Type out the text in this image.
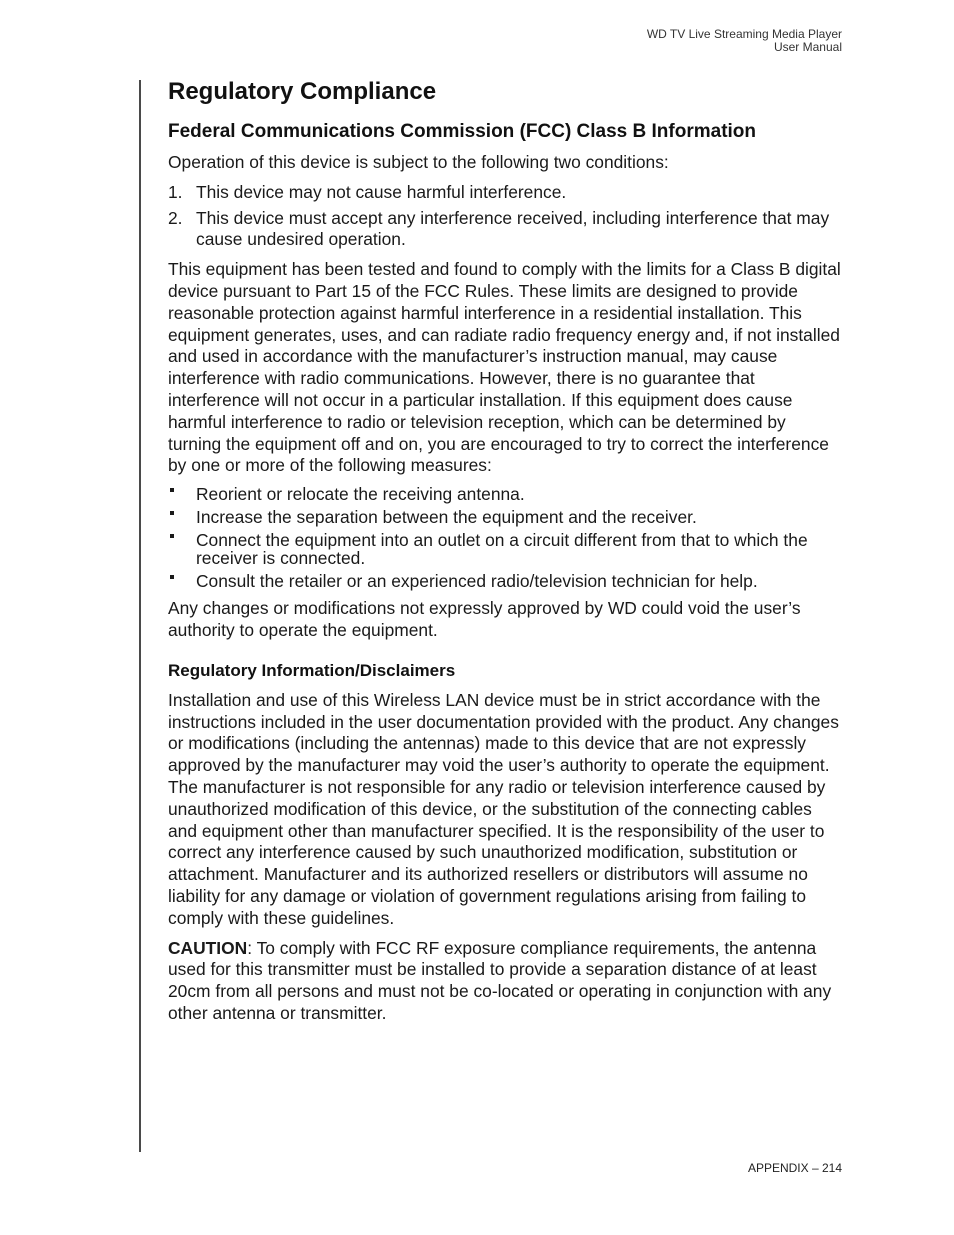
WD TV Live Streaming Media Player
User Manual
Regulatory Compliance
Federal Communications Commission (FCC) Class B Information

Operation of this device is subject to the following two conditions:

1. This device may not cause harmful interference.
2. This device must accept any interference received, including interference that may cause undesired operation.

This equipment has been tested and found to comply with the limits for a Class B digital device pursuant to Part 15 of the FCC Rules. These limits are designed to provide reasonable protection against harmful interference in a residential installation. This equipment generates, uses, and can radiate radio frequency energy and, if not installed and used in accordance with the manufacturer’s instruction manual, may cause interference with radio communications. However, there is no guarantee that interference will not occur in a particular installation. If this equipment does cause harmful interference to radio or television reception, which can be determined by turning the equipment off and on, you are encouraged to try to correct the interference by one or more of the following measures:

Reorient or relocate the receiving antenna.
Increase the separation between the equipment and the receiver.
Connect the equipment into an outlet on a circuit different from that to which the receiver is connected.
Consult the retailer or an experienced radio/television technician for help.

Any changes or modifications not expressly approved by WD could void the user’s authority to operate the equipment.

Regulatory Information/Disclaimers

Installation and use of this Wireless LAN device must be in strict accordance with the instructions included in the user documentation provided with the product. Any changes or modifications (including the antennas) made to this device that are not expressly approved by the manufacturer may void the user’s authority to operate the equipment. The manufacturer is not responsible for any radio or television interference caused by unauthorized modification of this device, or the substitution of the connecting cables and equipment other than manufacturer specified. It is the responsibility of the user to correct any interference caused by such unauthorized modification, substitution or attachment. Manufacturer and its authorized resellers or distributors will assume no liability for any damage or violation of government regulations arising from failing to comply with these guidelines.

CAUTION: To comply with FCC RF exposure compliance requirements, the antenna used for this transmitter must be installed to provide a separation distance of at least 20cm from all persons and must not be co-located or operating in conjunction with any other antenna or transmitter.

APPENDIX – 214
